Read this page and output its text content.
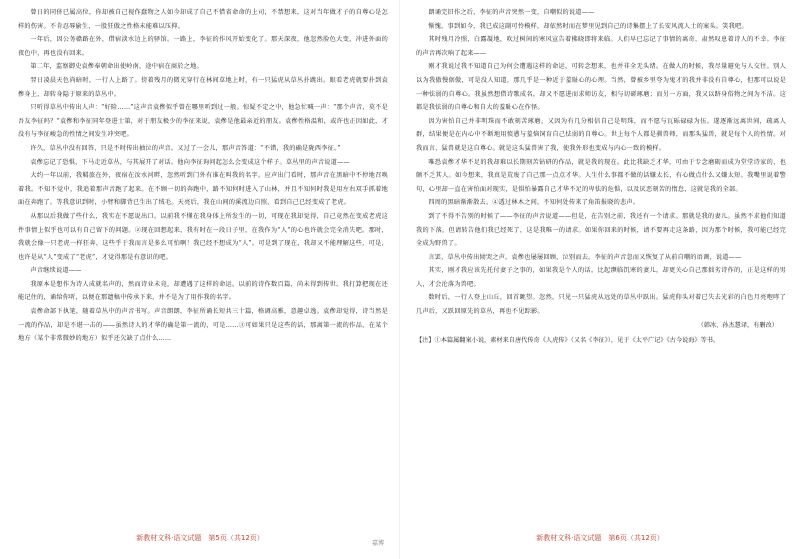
曾日的同侪已属高位，你却被自己视作蠢物之人如今却成了自己不惜省命命的上司，不禁想来，这对当年做才子的自尊心是怎样的伤害。不肯忍辱偷生，一股狂傲之性格未能难以压抑。

一年后，因公务赣路在外，借宿淡水边上的驿馆。一路上，李征的作风开始变化了。那天深夜，他忽然脸色大变，冲进外面的夜色中，再也没有回来。

第二年，监察御史袁傪奉朝命出使岭南，途中宿在商於之地。

翌日凌晨天色尚暗时，一行人上路了。傍着残月的微光穿行在林间草地上时，有一只猛虎从草丛扑跳出。眼看老虎就要扑到袁傪身上，却转身隐于原来的草丛中。

只听得草丛中传出人声：“好险……”这声音袁傪似乎曾在哪里听到过一般。惊疑不定之中，他急忙喊一声：“那个声音，莫不是吾友李征吗？”袁傪和李征同年登进士第，对于朋友极少的李征来说，袁傪是他最亲近的朋友。袁傪性格温和，或许也正因如此，才没有与李征峻急的性情之间发生冲突吧。

许久，草丛中没有回答，只是不时传出抽泣的声音。又过了一会儿，那声音答道：“不错，我的确是陇西李征。”

袁傪忘记了恐惧，下马走近草丛，与其展开了对话。他向李征询问起怎么会变成这个样子。草丛里的声音说道——

大约一年以前，我羁旅在外，夜宿在汝水河畔，忽然听到门外有谁在叫我的名字。应声出门看时，那声音在黑暗中不停地召唤着我。不知不觉中，我追着那声音跑了起来。在不顾一切的奔跑中，路不知何时进入了山林，并且不知何时我是用左右双手抓着地面在奔跑了。等我意识到时，小臂和脚背已生出了绒毛。天亮后，我在山间的溪流边自照，看到自己已经变成了老虎。

从那以后我做了些什么，我实在不愿说出口。以前我不懂在我身体上所发生的一切，可现在我却觉得，自己竟然在变成老虎这件事情上似乎也可以有自己留下的问题。②现在回想起来，我有时在一段日子里，在我作为“人”的心也许就会完全消失吧。那时，我就会像一只老虎一样狂奔，这些乎于我而言是多么可怕啊！我已经不想成为“人”。可是到了现在，我却又不能理解这些，可是，也许是从“人”变成了“老虎”，才觉得那是有意识的吧。

声音继续说道——

我原本是想作为诗人成就名声的，然而诗业未竟，却遭遇了这样的命运。以前的诗作数百篇，尚未得到传世。我打算把现在还能记住的，诵给你听，以便在那遗稿中传承下来，并不是为了用作我的名字。

袁傪命部下执笔，随着草丛中的声音书写。声音朗朗，李征所诵长短共三十篇，格调高雅，意趣卓逸。袁傪却觉得，诗当然是一流的作品，却是不堪一击的——虽然诗人的才华的确是第一流的，可是……③可如果只是这些的话，那离第一流的作品，在某个地方（某个非常微妙的地方）似乎还欠缺了点什么……

新教材文科·语文试题　第5页（共12页）

朗诵完旧作之后，李征的声音突然一变，自嘲似的说道——

惭愧。事到如今，我已成这副可怜模样，却依然时而在梦里见到自己的诗集摆上了长安风流人士的案头。笑我吧。

其时残月冷照，白露凝地，吹过树间的寒风宣告着拂晓即将来临。人们早已忘记了事情的离奇，肃然叹息着诗人的不幸。李征的声音再次响了起来——

刚才我说过我不知道自己为何会遭遇这样的命运，可转念想来，也并非全无头绪。在做人的时候，我尽量避免与人交往。别人以为我傲慢倨傲，可是没人知道，那几乎是一种近于羞耻心的心理。当然，曾被乡里夸为鬼才的我并非没有自尊心，但那可以说是一种怯弱的自尊心。我虽然想借诗歌成名，却又不愿进而求师访友，相与切磋琢磨；而另一方面，我又以跻身俗物之间为不洁。这都是我怯弱的自尊心和自大的羞耻心在作怪。

因为害怕自己并非明珠而不敢刻苦琢磨，又因为有几分相信自己是明珠，而不愿与瓦砾碌碌为伍。遂逐渐远离世间，疏离人群，结果便是在内心中不断地用愤懑与羞恼饲育自己怯弱的自尊心。世上每个人都是驯兽师，而那头猛兽，就是每个人的性情。对我而言，猛兽就是这自尊心。就是这头猛兽害了我，使我外形也变成与内心一致的模样。

唯恐袁傪才华不足的我却难以长期刻苦钻研的作品，就是我的现在。此比我缺乏才华，可由于专念磨砺而成为堂堂诗家的，也颇不乏其人。如今想来，我真是荒废了自己那一点点才华。人生什么事都不做的话嫌太长，有心做点什么又嫌太短。我嘴里说着警句，心里却一直在害怕面对现实，是惧怕暴露自己才华不足的卑怯的危惧，以及厌恶刻苦的惰怠，这就是我的全部。

四周的黑暗渐渐散去。④透过林木之间，不知何处传来了角笛报晓的悲声。

到了不得不告别的时候了——李征的声音说道——但是，在告别之前，我还有一个请求。那就是我的妻儿。虽然不求他们知道我的下落，但请转告他们我已经死了，这是我唯一的请求。如果你回来的时候，请不要再走这条路，因为那个时候，我可能已经完全成为野兽了。

言罢，草丛中传出恸哭之声。袁傪也屡屡回顾，泣别而去。李征的声音忽而又恢复了从前自嘲的语调，说道——

其实，刚才我应该先托付妻子之事的，如果我是个人的话。比起濒临饥寒的妻儿，却更关心自己那拙劣诗作的，正是这样的男人，才会沦落为兽吧。

数时后，一行人登上山丘，回首眺望。忽然，只见一只猛虎从远处的草丛中跃出。猛虎仰头对着已失去光彩的白色月亮咆哮了几声后，又跃回原先的草丛，再也不见踪影。

（韩冰、孙杰慧译，有删改）

【注】①本篇属翻案小说，素材来自唐代传奇《人虎传》（又名《李征》），见于《太平广记》《古今说海》等书。

新教材文科·语文试题　第6页（共12页）
嘉博
